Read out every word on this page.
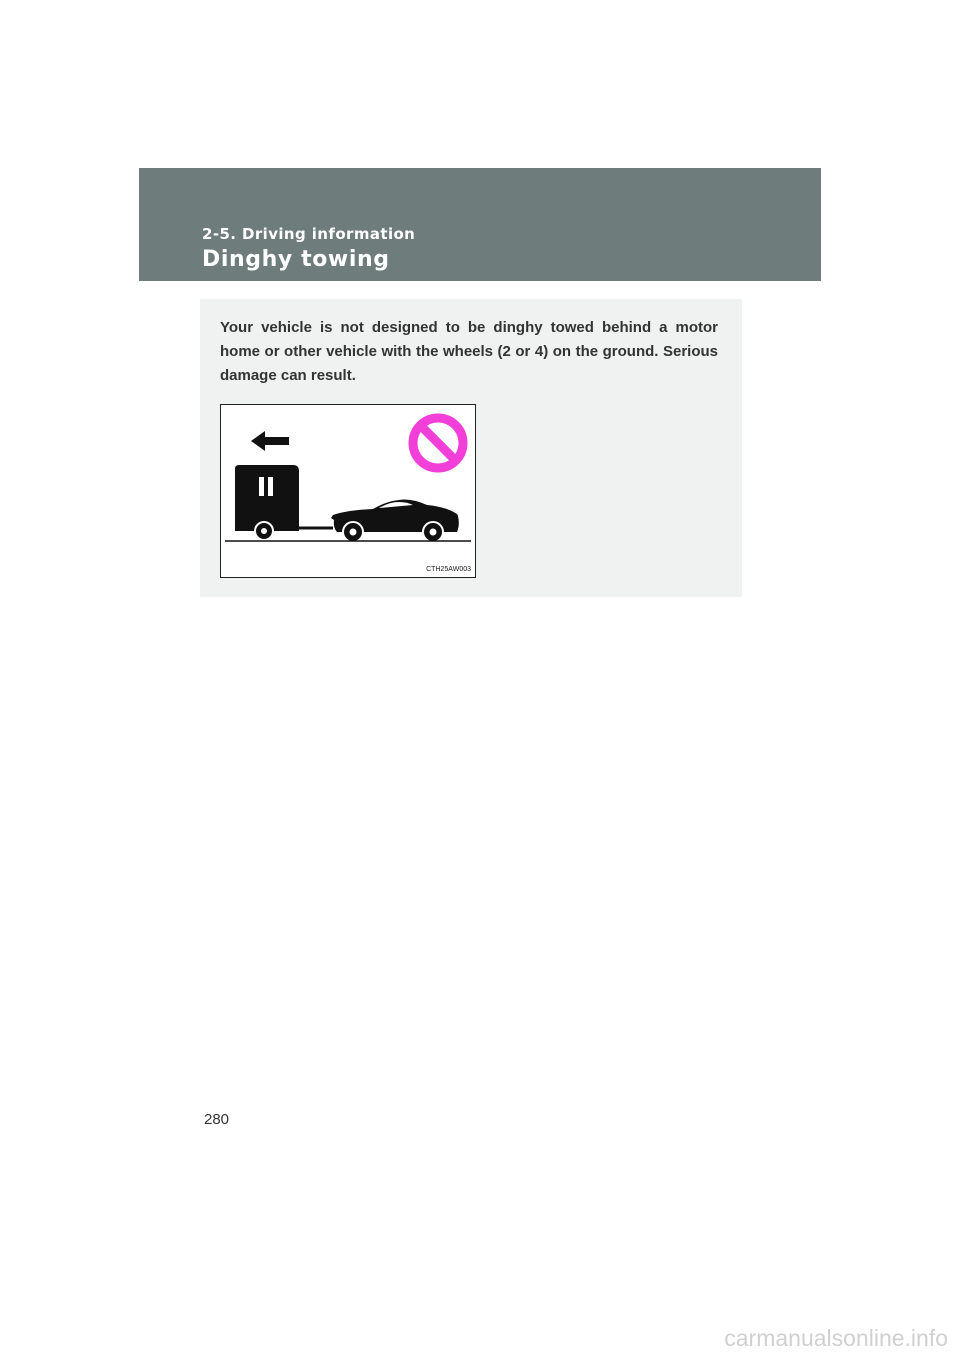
2-5. Driving information
Dinghy towing
Your vehicle is not designed to be dinghy towed behind a motor home or other vehicle with the wheels (2 or 4) on the ground. Serious damage can result.
CTH25AW003
280
carmanualsonline.info
